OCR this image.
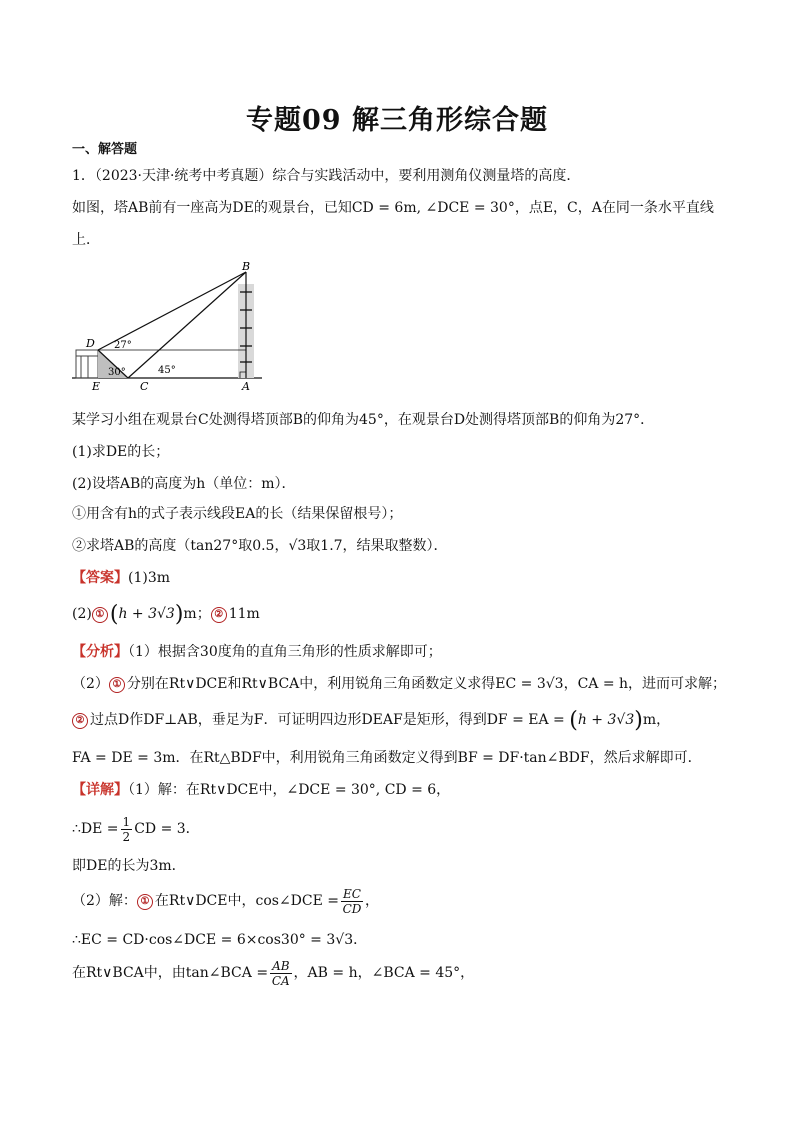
专题09 解三角形综合题
一、解答题
1．（2023·天津·统考中考真题）综合与实践活动中，要利用测角仪测量塔的高度．
如图，塔AB前有一座高为DE的观景台，已知CD = 6m, ∠DCE = 30°，点E，C，A在同一条水平直线
上．
B
D
E	C	A
27°
30°	45°
某学习小组在观景台C处测得塔顶部B的仰角为45°，在观景台D处测得塔顶部B的仰角为27°．
(1)求DE的长；
(2)设塔AB的高度为h（单位：m）．
①用含有h的式子表示线段EA的长（结果保留根号）；
②求塔AB的高度（tan27°取0.5，√3取1.7，结果取整数）．
【答案】(1)3m
(2) ① (h + 3√3)m； ② 11m
【分析】（1）根据含30度角的直角三角形的性质求解即可；
（2） ① 分别在Rt∨DCE和Rt∨BCA中，利用锐角三角函数定义求得EC = 3√3，CA = h，进而可求解；
② 过点D作DF⊥AB，垂足为F．可证明四边形DEAF是矩形，得到DF = EA = (h + 3√3)m，
FA = DE = 3m．在Rt△BDF中，利用锐角三角函数定义得到BF = DF·tan∠BDF，然后求解即可．
【详解】（1）解：在Rt∨DCE中，∠DCE = 30°, CD = 6，
∴DE = $\frac{1}{2}$ CD = 3．
即DE的长为3m．
（2）解： ① 在Rt∨DCE中，cos∠DCE = $\frac{EC}{CD}$ ，
∴EC = CD·cos∠DCE = 6×cos30° = 3√3．
在Rt∨BCA中，由tan∠BCA = $\frac{AB}{CA}$ ，AB = h，∠BCA = 45°，
